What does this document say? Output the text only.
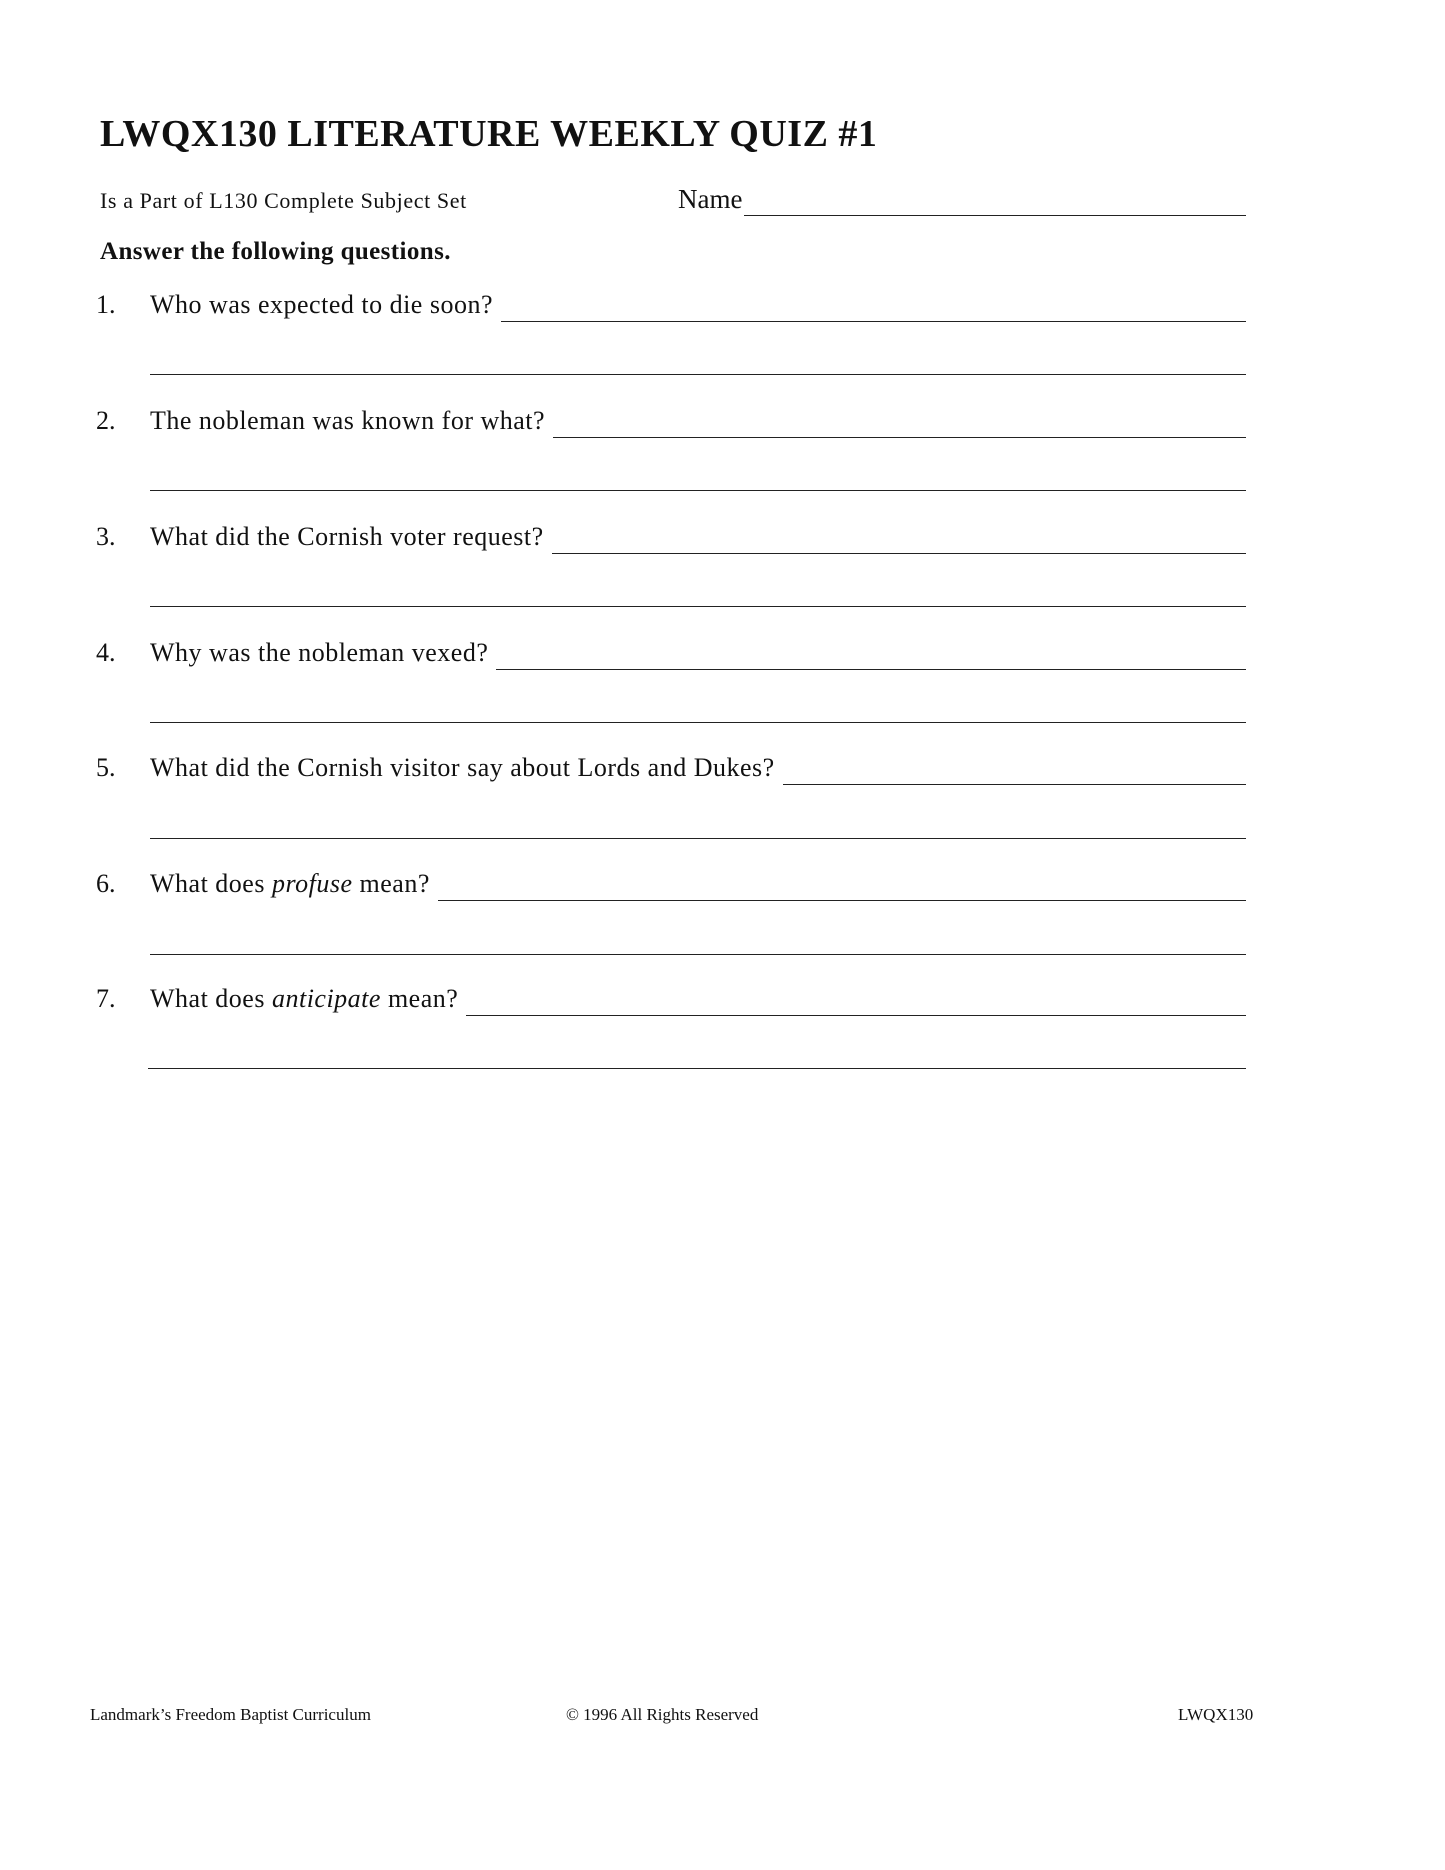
LWQX130 LITERATURE WEEKLY QUIZ #1
Is a Part of L130 Complete Subject Set	Name
Answer the following questions.
1.	Who was expected to die soon?
2.	The nobleman was known for what?
3.	What did the Cornish voter request?
4.	Why was the nobleman vexed?
5.	What did the Cornish visitor say about Lords and Dukes?
6.	What does profuse mean?
7.	What does anticipate mean?
Landmark’s Freedom Baptist Curriculum	© 1996 All Rights Reserved	LWQX130
